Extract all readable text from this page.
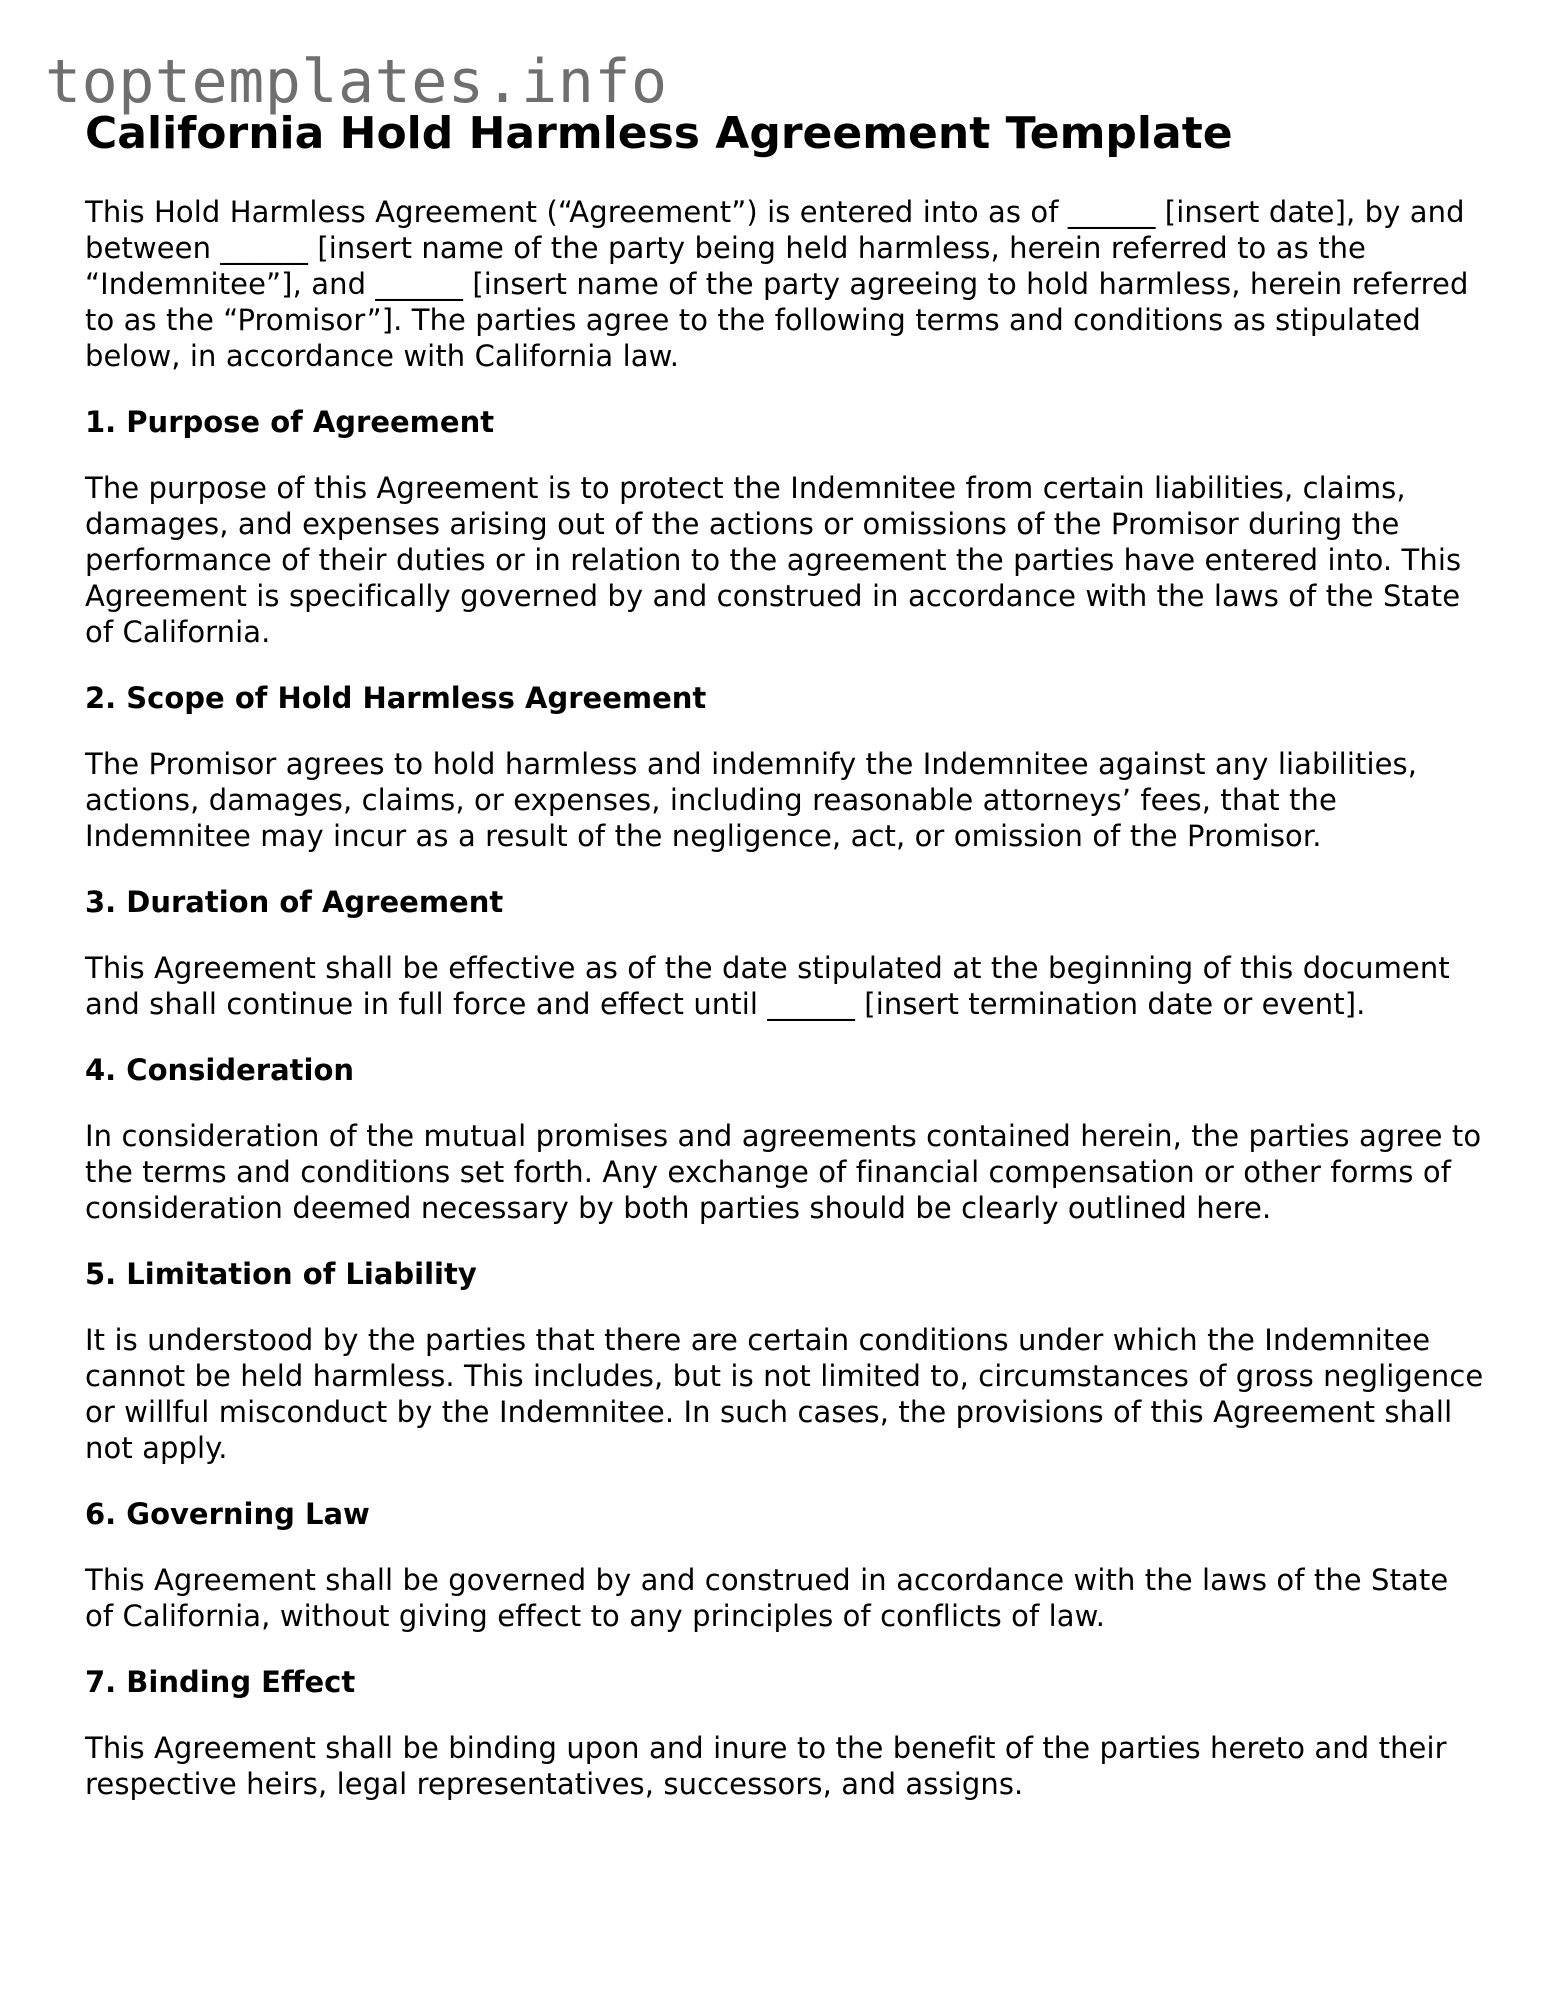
toptemplates.info
California Hold Harmless Agreement Template

This Hold Harmless Agreement (“Agreement”) is entered into as of ______ [insert date], by and between ______ [insert name of the party being held harmless, herein referred to as the “Indemnitee”], and ______ [insert name of the party agreeing to hold harmless, herein referred to as the “Promisor”]. The parties agree to the following terms and conditions as stipulated below, in accordance with California law.

1. Purpose of Agreement

The purpose of this Agreement is to protect the Indemnitee from certain liabilities, claims, damages, and expenses arising out of the actions or omissions of the Promisor during the performance of their duties or in relation to the agreement the parties have entered into. This Agreement is specifically governed by and construed in accordance with the laws of the State of California.

2. Scope of Hold Harmless Agreement

The Promisor agrees to hold harmless and indemnify the Indemnitee against any liabilities, actions, damages, claims, or expenses, including reasonable attorneys’ fees, that the Indemnitee may incur as a result of the negligence, act, or omission of the Promisor.

3. Duration of Agreement

This Agreement shall be effective as of the date stipulated at the beginning of this document and shall continue in full force and effect until ______ [insert termination date or event].

4. Consideration

In consideration of the mutual promises and agreements contained herein, the parties agree to the terms and conditions set forth. Any exchange of financial compensation or other forms of consideration deemed necessary by both parties should be clearly outlined here.

5. Limitation of Liability

It is understood by the parties that there are certain conditions under which the Indemnitee cannot be held harmless. This includes, but is not limited to, circumstances of gross negligence or willful misconduct by the Indemnitee. In such cases, the provisions of this Agreement shall not apply.

6. Governing Law

This Agreement shall be governed by and construed in accordance with the laws of the State of California, without giving effect to any principles of conflicts of law.

7. Binding Effect

This Agreement shall be binding upon and inure to the benefit of the parties hereto and their respective heirs, legal representatives, successors, and assigns.
